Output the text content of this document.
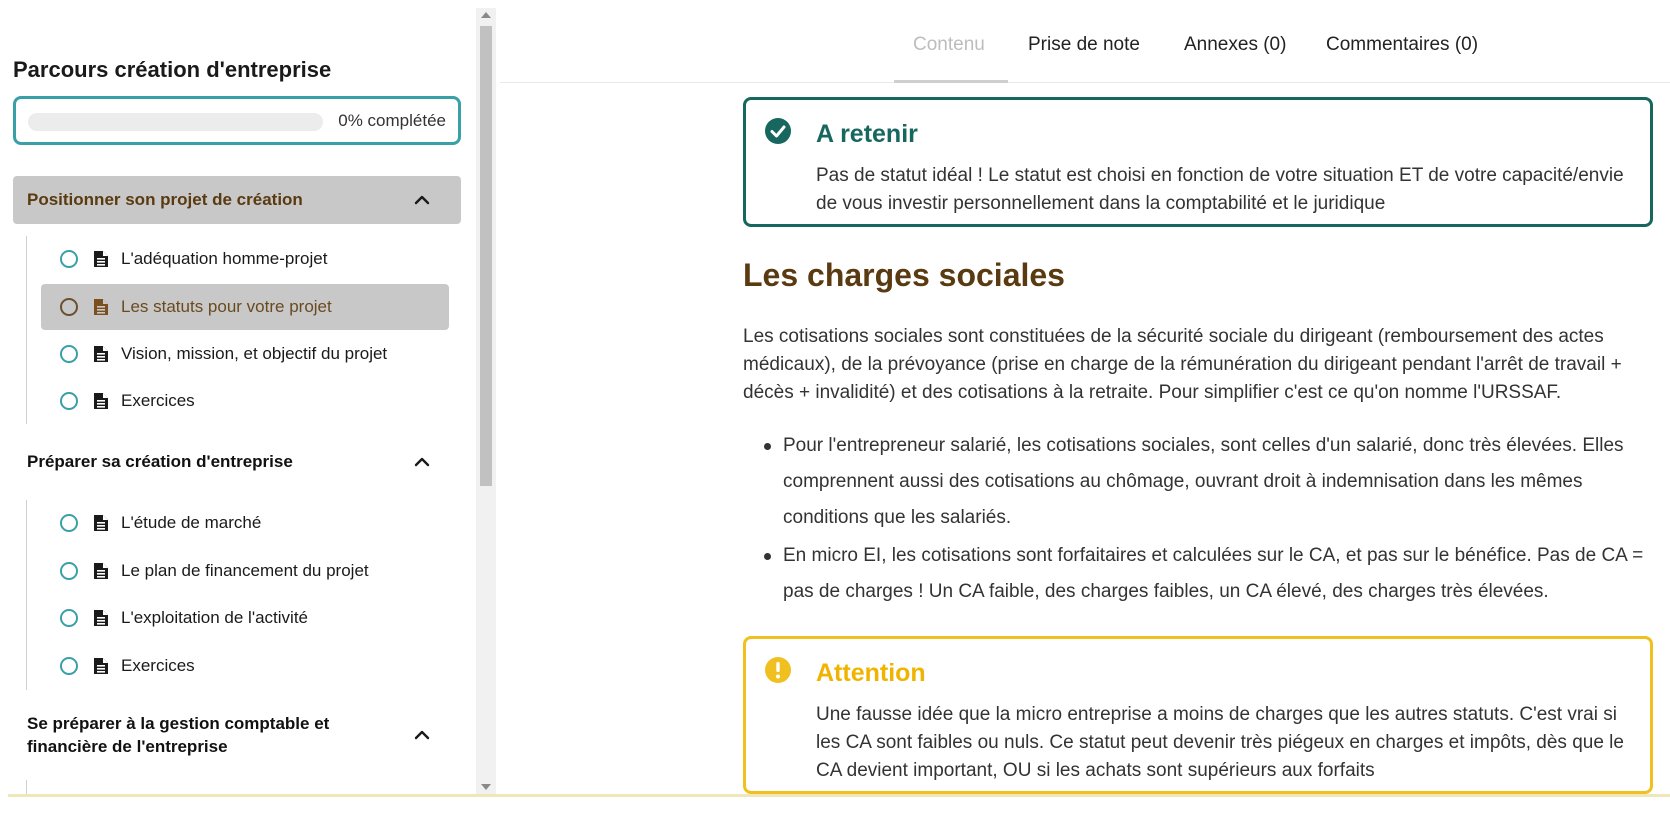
Parcours création d'entreprise
0% complétée
Positionner son projet de création
L'adéquation homme-projet
Les statuts pour votre projet
Vision, mission, et objectif du projet
Exercices
Préparer sa création d'entreprise
L'étude de marché
Le plan de financement du projet
L'exploitation de l'activité
Exercices
Se préparer à la gestion comptable et
financière de l'entreprise
Contenu Prise de note Annexes (0) Commentaires (0)
A retenir

Pas de statut idéal ! Le statut est choisi en fonction de votre situation ET de votre capacité/envie de vous investir personnellement dans la comptabilité et le juridique

Les charges sociales

Les cotisations sociales sont constituées de la sécurité sociale du dirigeant (remboursement des actes médicaux), de la prévoyance (prise en charge de la rémunération du dirigeant pendant l'arrêt de travail + décès + invalidité) et des cotisations à la retraite. Pour simplifier c'est ce qu'on nomme l'URSSAF.

Pour l'entrepreneur salarié, les cotisations sociales, sont celles d'un salarié, donc très élevées. Elles comprennent aussi des cotisations au chômage, ouvrant droit à indemnisation dans les mêmes conditions que les salariés.
En micro EI, les cotisations sont forfaitaires et calculées sur le CA, et pas sur le bénéfice. Pas de CA = pas de charges ! Un CA faible, des charges faibles, un CA élevé, des charges très élevées.
Attention

Une fausse idée que la micro entreprise a moins de charges que les autres statuts. C'est vrai si les CA sont faibles ou nuls. Ce statut peut devenir très piégeux en charges et impôts, dès que le CA devient important, OU si les achats sont supérieurs aux forfaits
